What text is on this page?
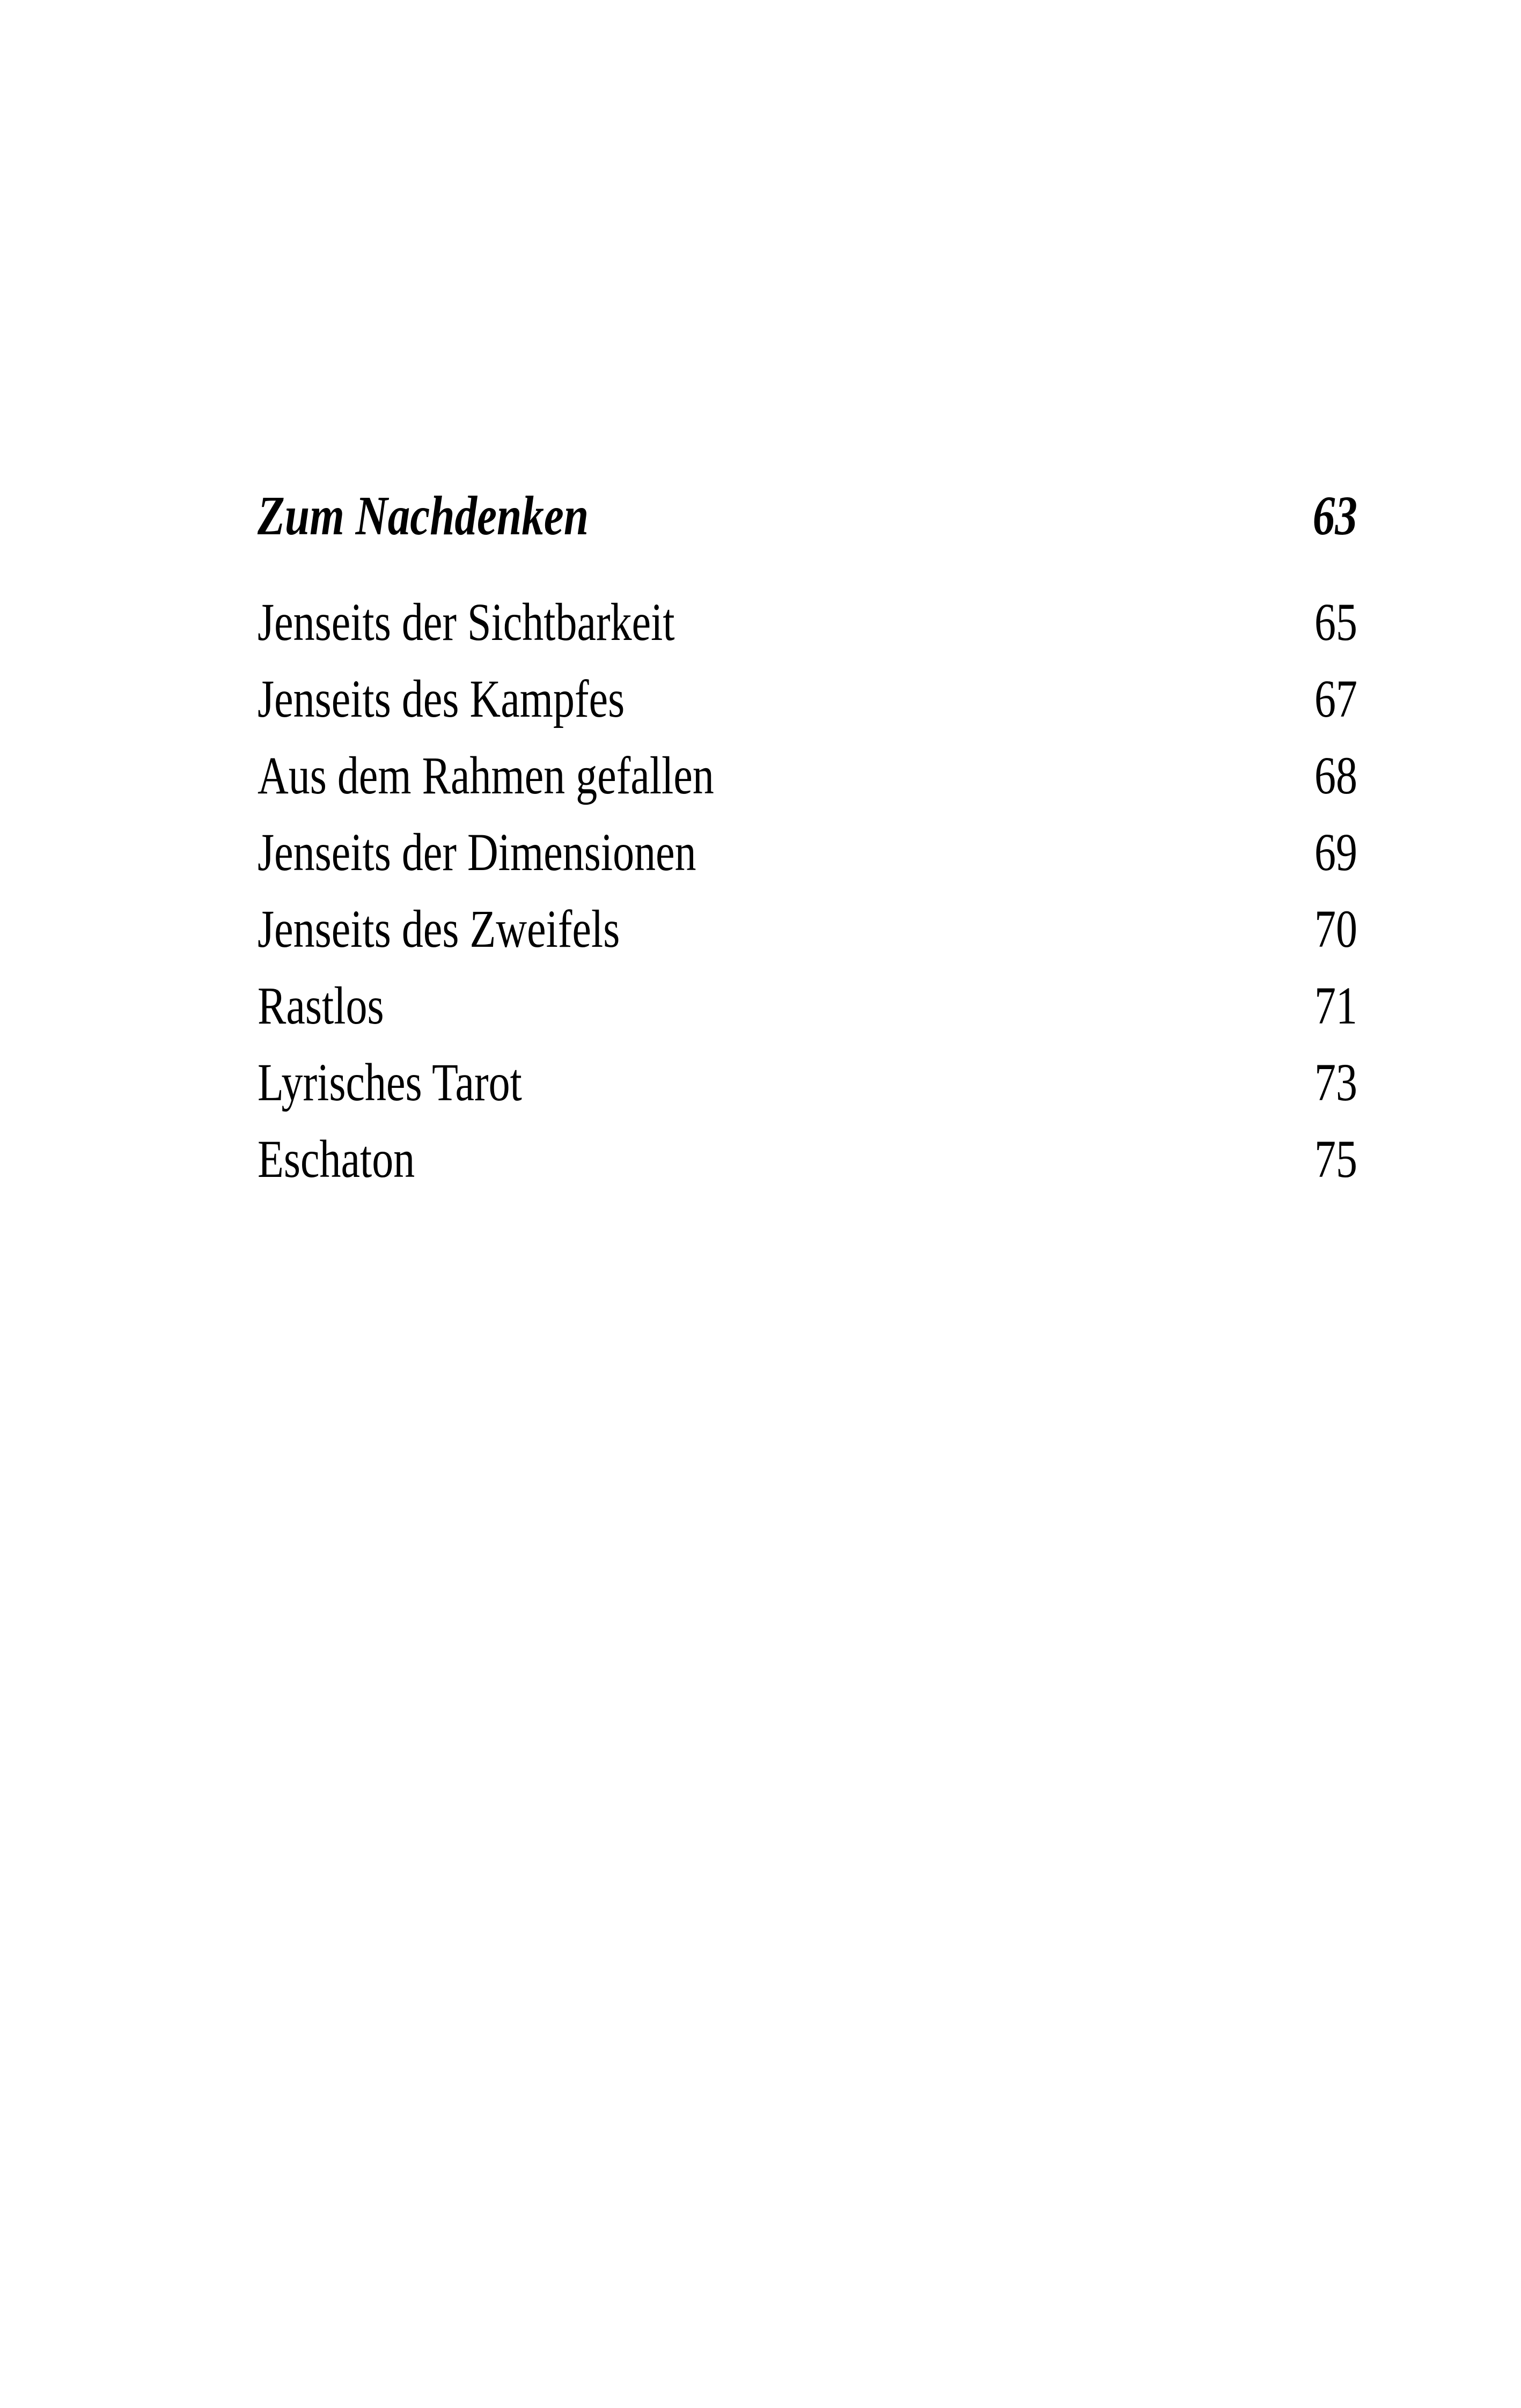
Zum Nachdenken	63
Jenseits der Sichtbarkeit	65
Jenseits des Kampfes	67
Aus dem Rahmen gefallen	68
Jenseits der Dimensionen	69
Jenseits des Zweifels	70
Rastlos	71
Lyrisches Tarot	73
Eschaton	75
